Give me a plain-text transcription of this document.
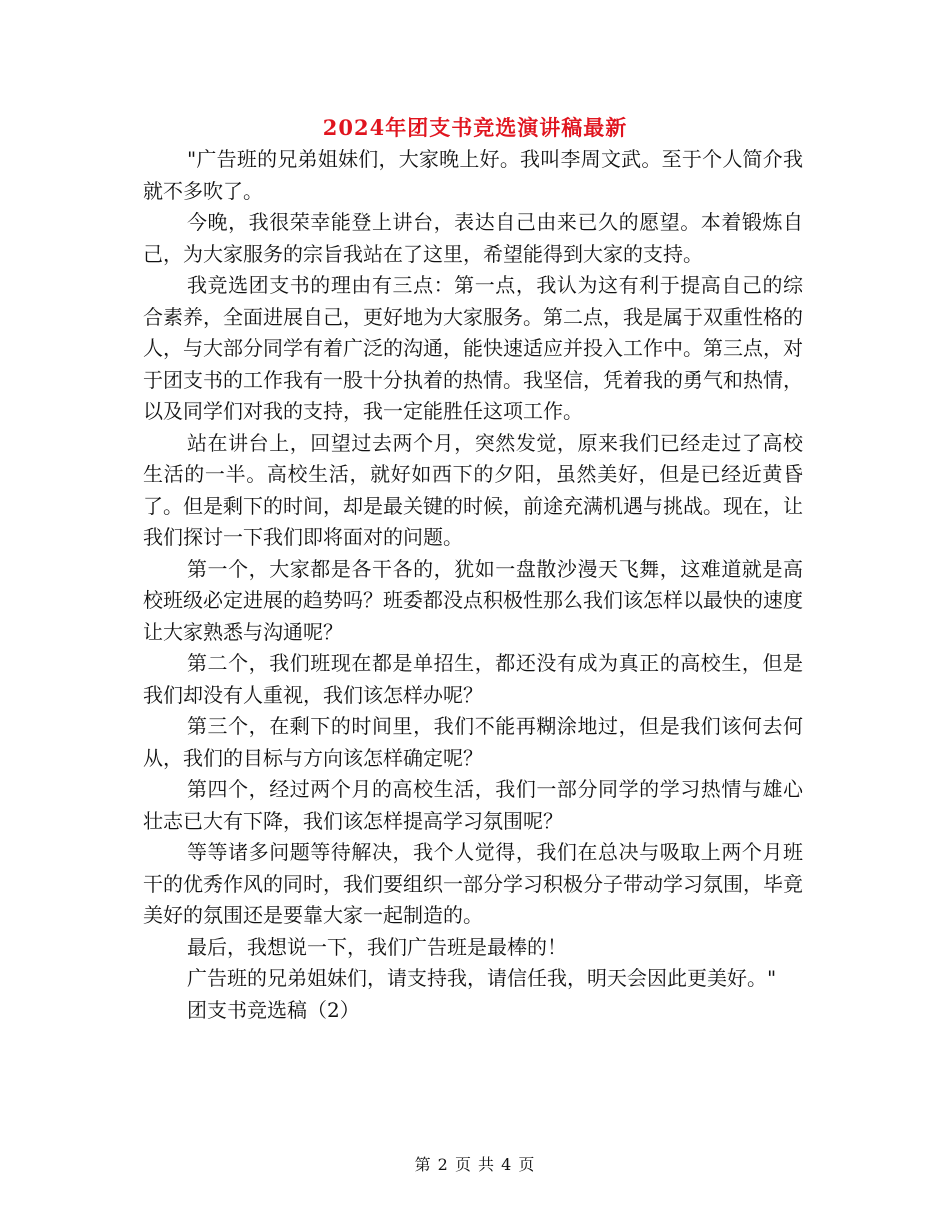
2024年团支书竞选演讲稿最新

"广告班的兄弟姐妹们，大家晚上好。我叫李周文武。至于个人简介我就不多吹了。

今晚，我很荣幸能登上讲台，表达自己由来已久的愿望。本着锻炼自己，为大家服务的宗旨我站在了这里，希望能得到大家的支持。

我竞选团支书的理由有三点：第一点，我认为这有利于提高自己的综合素养，全面进展自己，更好地为大家服务。第二点，我是属于双重性格的人，与大部分同学有着广泛的沟通，能快速适应并投入工作中。第三点，对于团支书的工作我有一股十分执着的热情。我坚信，凭着我的勇气和热情，以及同学们对我的支持，我一定能胜任这项工作。

站在讲台上，回望过去两个月，突然发觉，原来我们已经走过了高校生活的一半。高校生活，就好如西下的夕阳，虽然美好，但是已经近黄昏了。但是剩下的时间，却是最关键的时候，前途充满机遇与挑战。现在，让我们探讨一下我们即将面对的问题。

第一个，大家都是各干各的，犹如一盘散沙漫天飞舞，这难道就是高校班级必定进展的趋势吗？班委都没点积极性那么我们该怎样以最快的速度让大家熟悉与沟通呢？

第二个，我们班现在都是单招生，都还没有成为真正的高校生，但是我们却没有人重视，我们该怎样办呢？

第三个，在剩下的时间里，我们不能再糊涂地过，但是我们该何去何从，我们的目标与方向该怎样确定呢？

第四个，经过两个月的高校生活，我们一部分同学的学习热情与雄心壮志已大有下降，我们该怎样提高学习氛围呢？

等等诸多问题等待解决，我个人觉得，我们在总决与吸取上两个月班干的优秀作风的同时，我们要组织一部分学习积极分子带动学习氛围，毕竟美好的氛围还是要靠大家一起制造的。

最后，我想说一下，我们广告班是最棒的！

广告班的兄弟姐妹们，请支持我，请信任我，明天会因此更美好。"

团支书竞选稿（2）

第 2 页 共 4 页
